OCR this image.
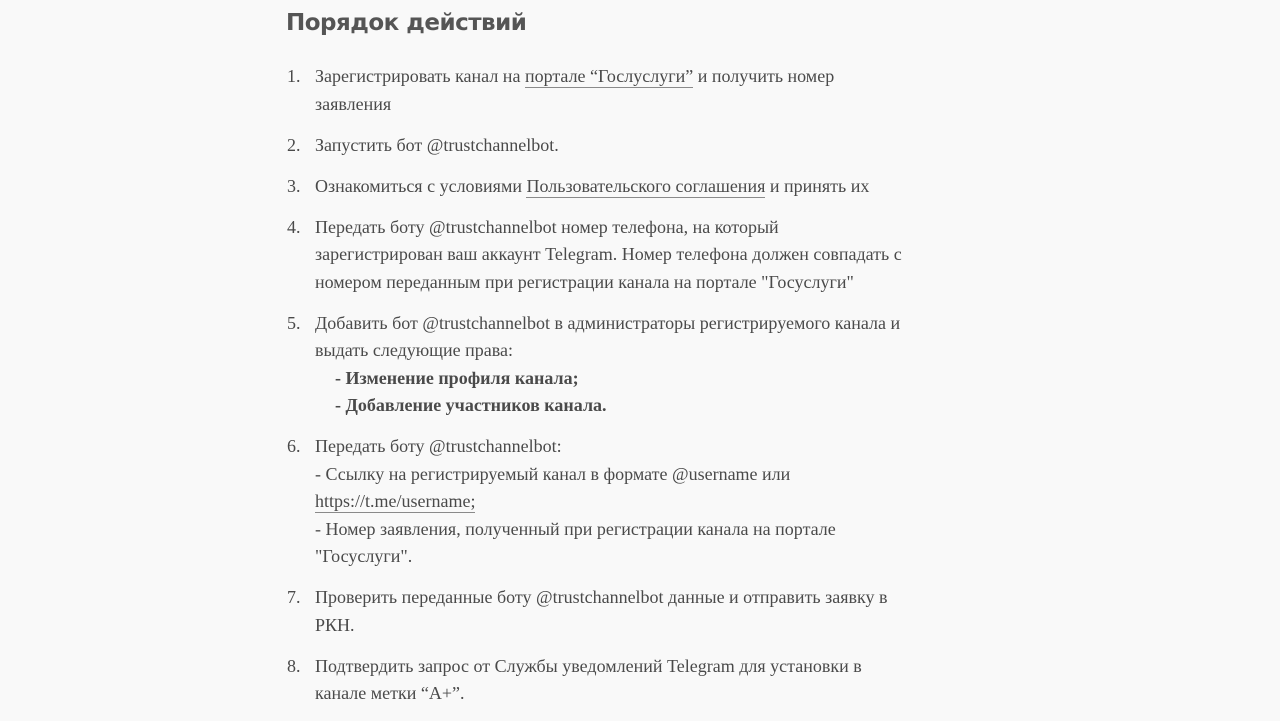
Порядок действий
1. Зарегистрировать канал на портале “Гослуслуги” и получить номер
заявления
2. Запустить бот @trustchannelbot.
3. Ознакомиться с условиями Пользовательского соглашения и принять их
4. Передать боту @trustchannelbot номер телефона, на который
зарегистрирован ваш аккаунт Telegram. Номер телефона должен совпадать с
номером переданным при регистрации канала на портале "Госуслуги"
5. Добавить бот @trustchannelbot в администраторы регистрируемого канала и
выдать следующие права:
- Изменение профиля канала;
- Добавление участников канала.
6. Передать боту @trustchannelbot:
- Ссылку на регистрируемый канал в формате @username или
https://t.me/username;
- Номер заявления, полученный при регистрации канала на портале
"Госуслуги".
7. Проверить переданные боту @trustchannelbot данные и отправить заявку в
РКН.
8. Подтвердить запрос от Службы уведомлений Telegram для установки в
канале метки “A+”.
